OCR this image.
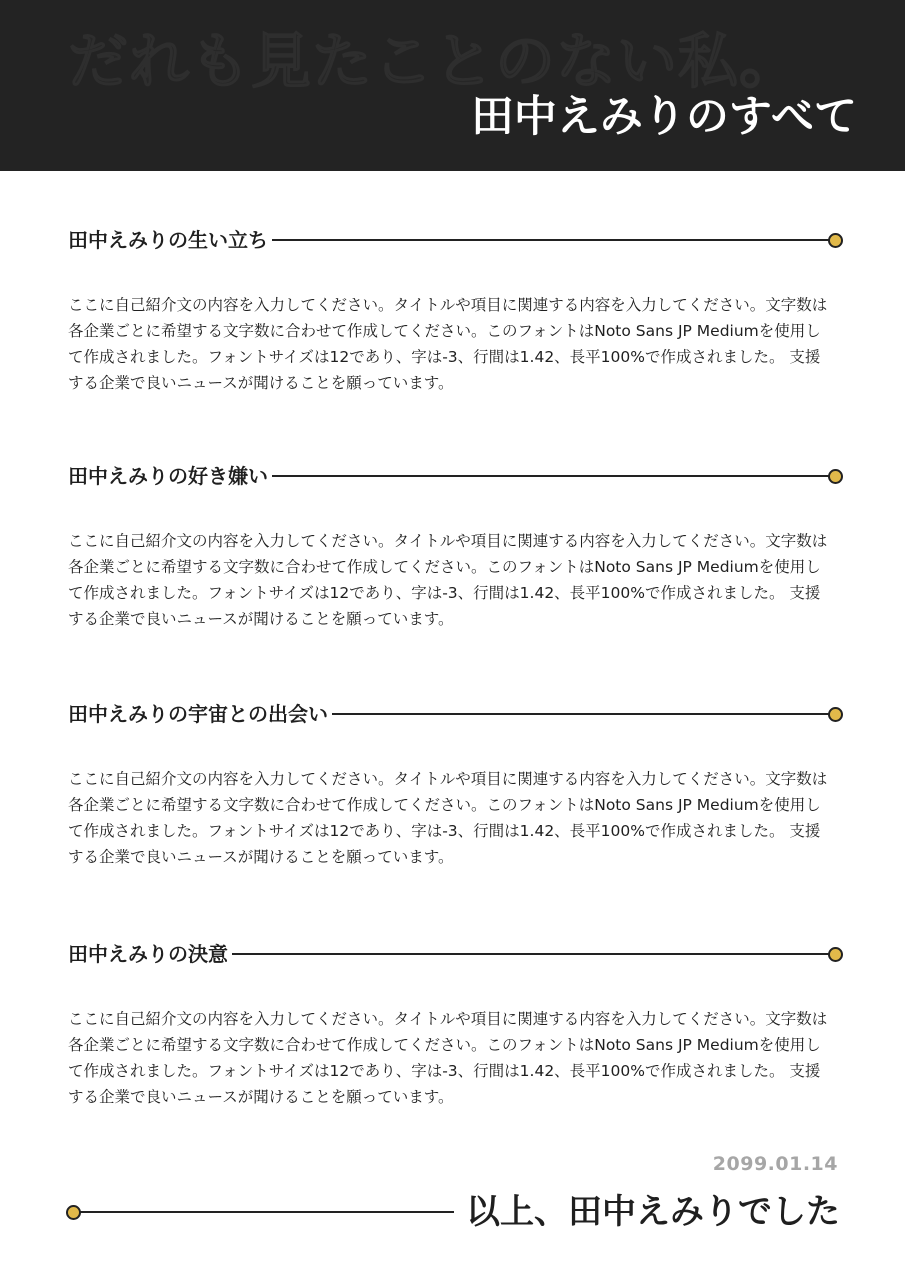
だれも見たことのない私。
田中えみりのすべて
田中えみりの生い立ち
ここに自己紹介文の内容を入力してください。タイトルや項目に関連する内容を入力してください。文字数は各企業ごとに希望する文字数に合わせて作成してください。このフォントはNoto Sans JP Mediumを使用して作成されました。フォントサイズは12であり、字は-3、行間は1.42、長平100%で作成されました。 支援する企業で良いニュースが聞けることを願っています。
田中えみりの好き嫌い
ここに自己紹介文の内容を入力してください。タイトルや項目に関連する内容を入力してください。文字数は各企業ごとに希望する文字数に合わせて作成してください。このフォントはNoto Sans JP Mediumを使用して作成されました。フォントサイズは12であり、字は-3、行間は1.42、長平100%で作成されました。 支援する企業で良いニュースが聞けることを願っています。
田中えみりの宇宙との出会い
ここに自己紹介文の内容を入力してください。タイトルや項目に関連する内容を入力してください。文字数は各企業ごとに希望する文字数に合わせて作成してください。このフォントはNoto Sans JP Mediumを使用して作成されました。フォントサイズは12であり、字は-3、行間は1.42、長平100%で作成されました。 支援する企業で良いニュースが聞けることを願っています。
田中えみりの決意
ここに自己紹介文の内容を入力してください。タイトルや項目に関連する内容を入力してください。文字数は各企業ごとに希望する文字数に合わせて作成してください。このフォントはNoto Sans JP Mediumを使用して作成されました。フォントサイズは12であり、字は-3、行間は1.42、長平100%で作成されました。 支援する企業で良いニュースが聞けることを願っています。
2099.01.14
以上、田中えみりでした
